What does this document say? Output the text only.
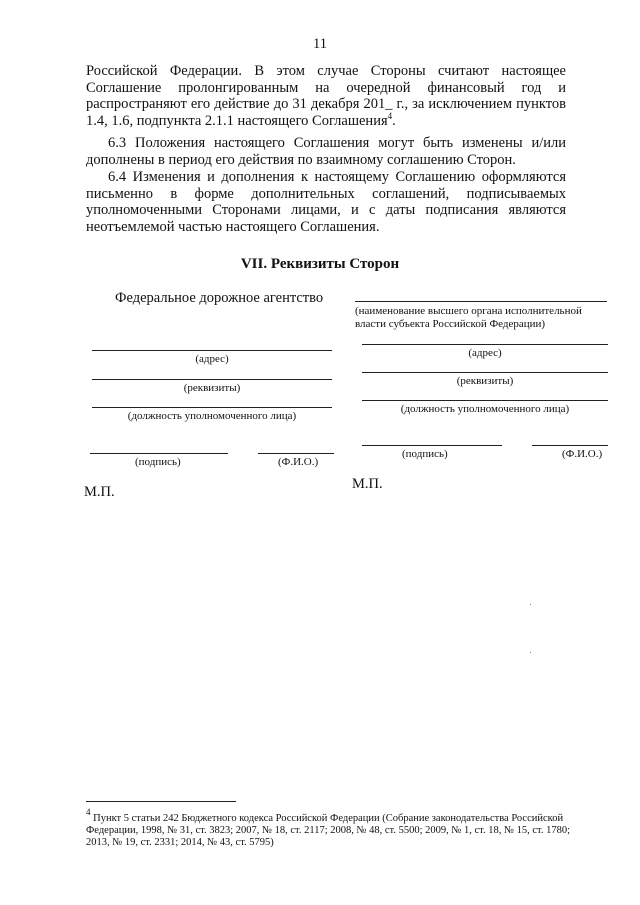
11
Российской Федерации. В этом случае Стороны считают настоящее Соглашение пролонгированным на очередной финансовый год и распространяют его действие до 31 декабря 201_ г., за исключением пунктов 1.4, 1.6, подпункта 2.1.1 настоящего Соглашения$^4$.
6.3 Положения настоящего Соглашения могут быть изменены и/или дополнены в период его действия по взаимному соглашению Сторон.
6.4 Изменения и дополнения к настоящему Соглашению оформляются письменно в форме дополнительных соглашений, подписываемых уполномоченными Сторонами лицами, и с даты подписания являются неотъемлемой частью настоящего Соглашения.
VII. Реквизиты Сторон
Федеральное дорожное агентство
(адрес)
(реквизиты)
(должность уполномоченного лица)
(подпись)	(Ф.И.О.)
М.П.
(наименование высшего органа исполнительной власти субъекта Российской Федерации)
(адрес)
(реквизиты)
(должность уполномоченного лица)
(подпись)	(Ф.И.О.)
М.П.
$^4$ Пункт 5 статьи 242 Бюджетного кодекса Российской Федерации (Собрание законодательства Российской Федерации, 1998, № 31, ст. 3823; 2007, № 18, ст. 2117; 2008, № 48, ст. 5500; 2009, № 1, ст. 18, № 15, ст. 1780; 2013, № 19, ст. 2331; 2014, № 43, ст. 5795)
